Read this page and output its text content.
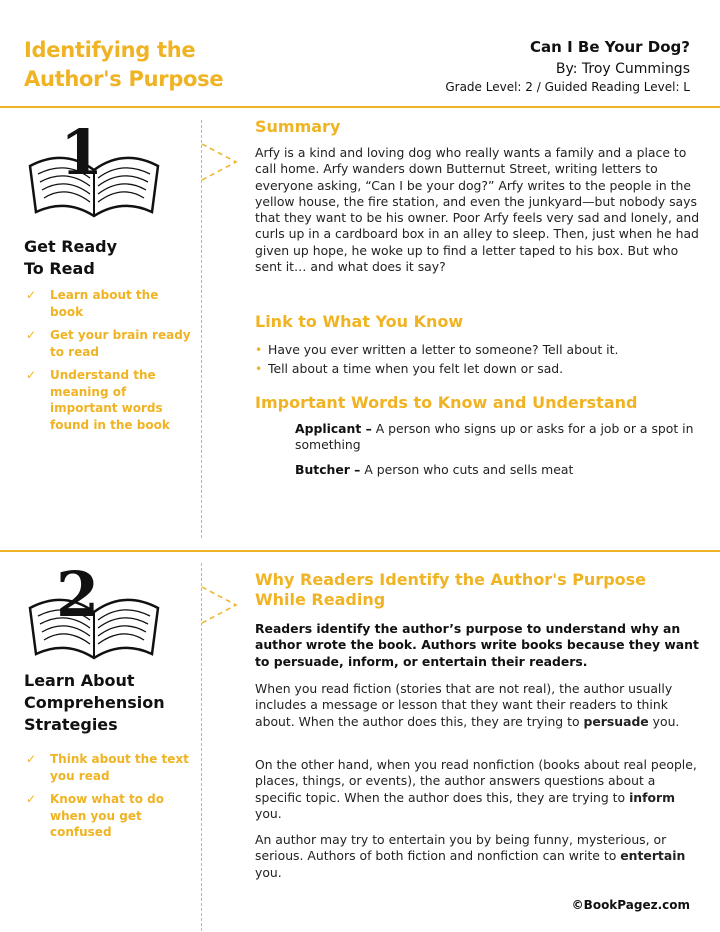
Identifying the Author's Purpose
Can I Be Your Dog?
By: Troy Cummings
Grade Level: 2 / Guided Reading Level: L
1
Get Ready
To Read
✓ Learn about the book
✓ Get your brain ready to read
✓ Understand the meaning of important words found in the book
Summary
Arfy is a kind and loving dog who really wants a family and a place to call home. Arfy wanders down Butternut Street, writing letters to everyone asking, “Can I be your dog?” Arfy writes to the people in the yellow house, the fire station, and even the junkyard—but nobody says that they want to be his owner. Poor Arfy feels very sad and lonely, and curls up in a cardboard box in an alley to sleep. Then, just when he had given up hope, he woke up to find a letter taped to his box. But who sent it… and what does it say?
Link to What You Know
• Have you ever written a letter to someone? Tell about it.
• Tell about a time when you felt let down or sad.
Important Words to Know and Understand
Applicant – A person who signs up or asks for a job or a spot in something
Butcher – A person who cuts and sells meat
2
Learn About
Comprehension
Strategies
✓ Think about the text you read
✓ Know what to do when you get confused
Why Readers Identify the Author's Purpose While Reading
Readers identify the author’s purpose to understand why an author wrote the book. Authors write books because they want to persuade, inform, or entertain their readers.
When you read fiction (stories that are not real), the author usually includes a message or lesson that they want their readers to think about. When the author does this, they are trying to persuade you.
On the other hand, when you read nonfiction (books about real people, places, things, or events), the author answers questions about a specific topic. When the author does this, they are trying to inform you.
An author may try to entertain you by being funny, mysterious, or serious. Authors of both fiction and nonfiction can write to entertain you.
©BookPagez.com
